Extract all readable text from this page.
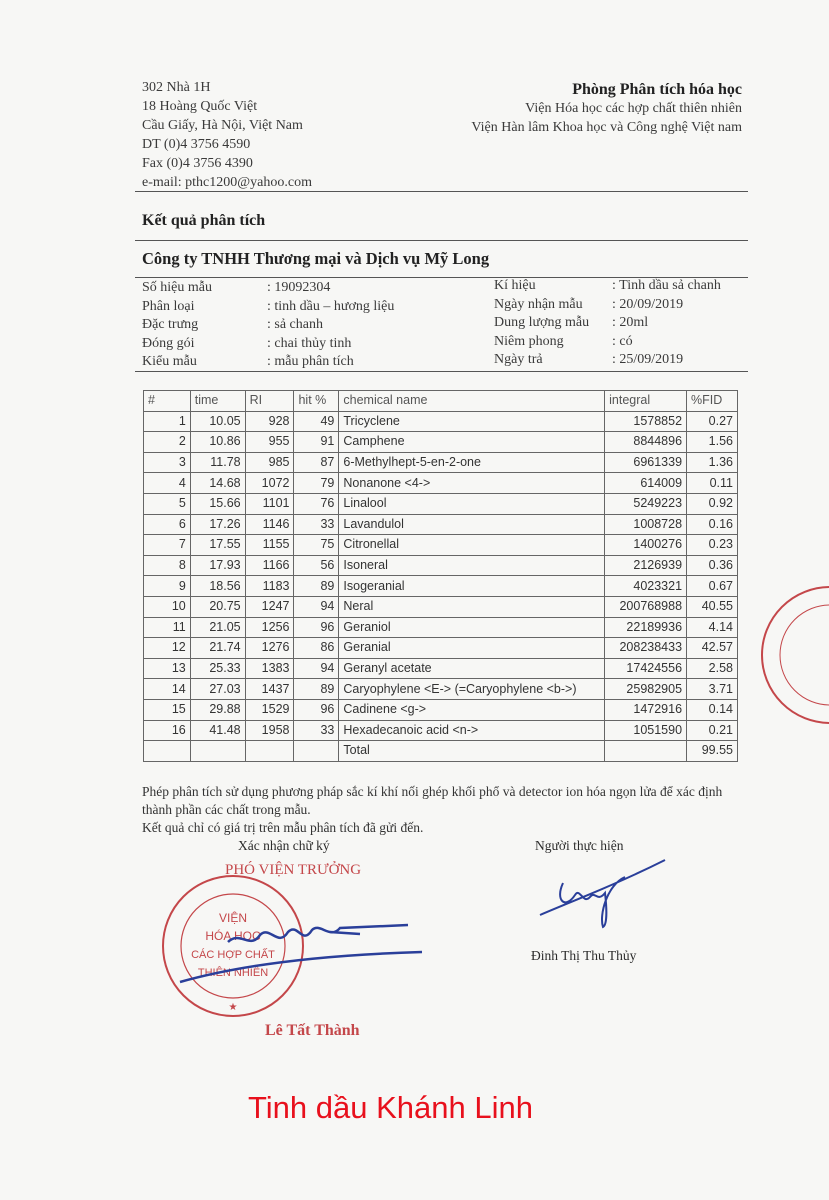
302 Nhà 1H
18 Hoàng Quốc Việt
Cầu Giấy, Hà Nội, Việt Nam
DT (0)4 3756 4590
Fax (0)4 3756 4390
e-mail: pthc1200@yahoo.com
Phòng Phân tích hóa học
Viện Hóa học các hợp chất thiên nhiên
Viện Hàn lâm Khoa học và Công nghệ Việt nam
Kết quả phân tích
Công ty TNHH Thương mại và Dịch vụ Mỹ Long
Số hiệu mẫu	: 19092304
Phân loại	: tinh dầu – hương liệu
Đặc trưng	: sả chanh
Đóng gói	: chai thủy tinh
Kiểu mẫu	: mẫu phân tích
Kí hiệu	: Tinh dầu sả chanh
Ngày nhận mẫu	: 20/09/2019
Dung lượng mẫu	: 20ml
Niêm phong	: có
Ngày trả	: 25/09/2019
#	time	RI	hit %	chemical name	integral	%FID
1	10.05	928	49	Tricyclene	1578852	0.27
2	10.86	955	91	Camphene	8844896	1.56
3	11.78	985	87	6-Methylhept-5-en-2-one	6961339	1.36
4	14.68	1072	79	Nonanone <4->	614009	0.11
5	15.66	1101	76	Linalool	5249223	0.92
6	17.26	1146	33	Lavandulol	1008728	0.16
7	17.55	1155	75	Citronellal	1400276	0.23
8	17.93	1166	56	Isoneral	2126939	0.36
9	18.56	1183	89	Isogeranial	4023321	0.67
10	20.75	1247	94	Neral	200768988	40.55
11	21.05	1256	96	Geraniol	22189936	4.14
12	21.74	1276	86	Geranial	208238433	42.57
13	25.33	1383	94	Geranyl acetate	17424556	2.58
14	27.03	1437	89	Caryophylene <E-> (=Caryophylene <b->)	25982905	3.71
15	29.88	1529	96	Cadinene <g->	1472916	0.14
16	41.48	1958	33	Hexadecanoic acid <n->	1051590	0.21
				Total		99.55
Phép phân tích sử dụng phương pháp sắc kí khí nối ghép khối phổ và detector ion hóa ngọn lửa để xác định thành phần các chất trong mẫu.
Kết quả chỉ có giá trị trên mẫu phân tích đã gửi đến.
Xác nhận chữ ký	Người thực hiện
PHÓ VIỆN TRƯỞNG
Lê Tất Thành
Đinh Thị Thu Thủy
Tinh dầu Khánh Linh
VIỆN
HÓA HỌC
CÁC HỢP CHẤT
THIÊN NHIÊN
★
